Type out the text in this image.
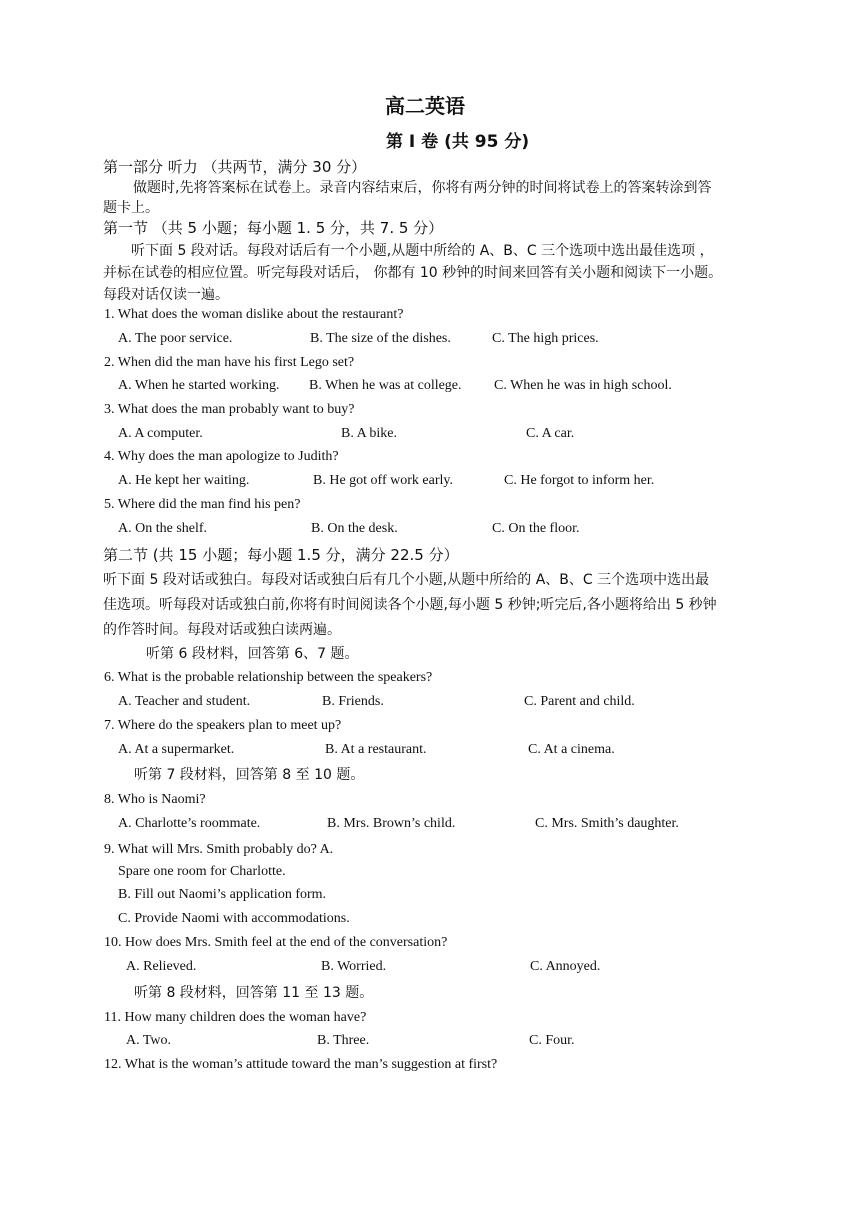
高二英语
第 I 卷 (共 95 分)
第一部分 听力 （共两节，满分 30 分）
做题时,先将答案标在试卷上。录音内容结束后，你将有两分钟的时间将试卷上的答案转涂到答
题卡上。
第一节 （共 5 小题；每小题 1. 5 分，共 7. 5 分）
听下面 5 段对话。每段对话后有一个小题,从题中所给的 A、B、C 三个选项中选出最佳选项 ，
并标在试卷的相应位置。听完每段对话后， 你都有 10 秒钟的时间来回答有关小题和阅读下一小题。
每段对话仅读一遍。
1. What does the woman dislike about the restaurant?
A. The poor service.	B. The size of the dishes.	C. The high prices.
2. When did the man have his first Lego set?
A. When he started working. B. When he was at college. C. When he was in high school.
3. What does the man probably want to buy?
A. A computer.	B. A bike.	C. A car.
4. Why does the man apologize to Judith?
A. He kept her waiting.	B. He got off work early.	C. He forgot to inform her.
5. Where did the man find his pen?
A. On the shelf.	B. On the desk.	C. On the floor.
第二节 (共 15 小题；每小题 1.5 分，满分 22.5 分）
听下面 5 段对话或独白。每段对话或独白后有几个小题,从题中所给的 A、B、C 三个选项中选出最
佳选项。听每段对话或独白前,你将有时间阅读各个小题,每小题 5 秒钟;听完后,各小题将给出 5 秒钟
的作答时间。每段对话或独白读两遍。
听第 6 段材料，回答第 6、7 题。
6. What is the probable relationship between the speakers?
A. Teacher and student.	B. Friends.	C. Parent and child.
7. Where do the speakers plan to meet up?
A. At a supermarket.	B. At a restaurant.	C. At a cinema.
听第 7 段材料，回答第 8 至 10 题。
8. Who is Naomi?
A. Charlotte’s roommate.	B. Mrs. Brown’s child.	C. Mrs. Smith’s daughter.
9. What will Mrs. Smith probably do? A.
Spare one room for Charlotte.
B. Fill out Naomi’s application form.
C. Provide Naomi with accommodations.
10. How does Mrs. Smith feel at the end of the conversation?
A. Relieved.	B. Worried.	C. Annoyed.
听第 8 段材料，回答第 11 至 13 题。
11. How many children does the woman have?
A. Two.	B. Three.	C. Four.
12. What is the woman’s attitude toward the man’s suggestion at first?
